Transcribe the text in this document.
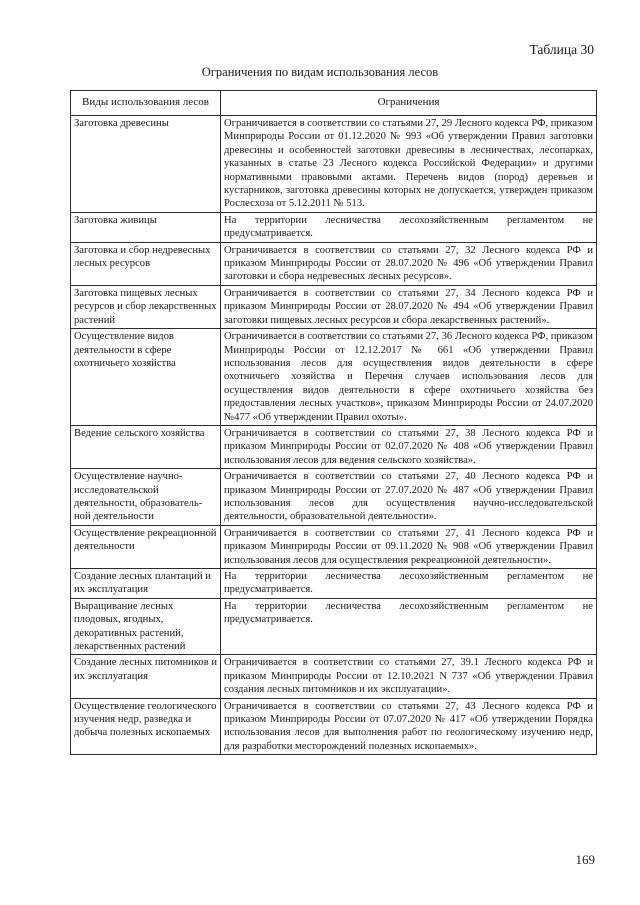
Таблица 30
Ограничения по видам использования лесов
Виды использования лесов	Ограничения
Заготовка древесины	Ограничивается в соответствии со статьями 27, 29 Лесного кодекса РФ, приказом Минприроды России от 01.12.2020 № 993 «Об утверждении Правил заготовки древесины и особенностей заготовки древесины в лесничествах, лесопарках, указанных в статье 23 Лесного кодекса Российской Федерации» и другими нормативными правовыми актами. Перечень видов (пород) деревьев и кустарников, заготовка древесины которых не допускается, утвержден приказом Рослесхоза от 5.12.2011 № 513.
Заготовка живицы	На территории лесничества лесохозяйственным регламентом не предусматривается.
Заготовка и сбор недревесных лесных ресурсов	Ограничивается в соответствии со статьями 27, 32 Лесного кодекса РФ и приказом Минприроды России от 28.07.2020 № 496 «Об утверждении Правил заготовки и сбора недревесных лесных ресурсов».
Заготовка пищевых лесных ресурсов и сбор лекарственных растений	Ограничивается в соответствии со статьями 27, 34 Лесного кодекса РФ и приказом Минприроды России от 28.07.2020 № 494 «Об утверждении Правил заготовки пищевых лесных ресурсов и сбора лекарственных растений».
Осуществление видов деятельности в сфере охотничьего хозяйства	Ограничивается в соответствии со статьями 27, 36 Лесного кодекса РФ, приказом Минприроды России от 12.12.2017 № 661 «Об утверждении Правил использования лесов для осуществления видов деятельности в сфере охотничьего хозяйства и Перечня случаев использования лесов для осуществления видов деятельности в сфере охотничьего хозяйства без предоставления лесных участков», приказом Минприроды России от 24.07.2020 №477 «Об утверждении Правил охоты».
Ведение сельского хозяйства	Ограничивается в соответствии со статьями 27, 38 Лесного кодекса РФ и приказом Минприроды России от 02.07.2020 № 408 «Об утверждении Правил использования лесов для ведения сельского хозяйства».
Осуществление научно-исследовательской деятельности, образователь-ной деятельности	Ограничивается в соответствии со статьями 27, 40 Лесного кодекса РФ и приказом Минприроды России от 27.07.2020 № 487 «Об утверждении Правил использования лесов для осуществления научно-исследовательской деятельности, образовательной деятельности».
Осуществление рекреационной деятельности	Ограничивается в соответствии со статьями 27, 41 Лесного кодекса РФ и приказом Минприроды России от 09.11.2020 № 908 «Об утверждении Правил использования лесов для осуществления рекреационной деятельности».
Создание лесных плантаций и их эксплуатация	На территории лесничества лесохозяйственным регламентом не предусматривается.
Выращивание лесных плодовых, ягодных, декоративных растений, лекарственных растений	На территории лесничества лесохозяйственным регламентом не предусматривается.
Создание лесных питомников и их эксплуатация	Ограничивается в соответствии со статьями 27, 39.1 Лесного кодекса РФ и приказом Минприроды России от 12.10.2021 N 737 «Об утверждении Правил создания лесных питомников и их эксплуатации».
Осуществление геологического изучения недр, разведка и добыча полезных ископаемых	Ограничивается в соответствии со статьями 27, 43 Лесного кодекса РФ и приказом Минприроды России от 07.07.2020 № 417 «Об утверждении Порядка использования лесов для выполнения работ по геологическому изучению недр, для разработки месторождений полезных ископаемых».
169
